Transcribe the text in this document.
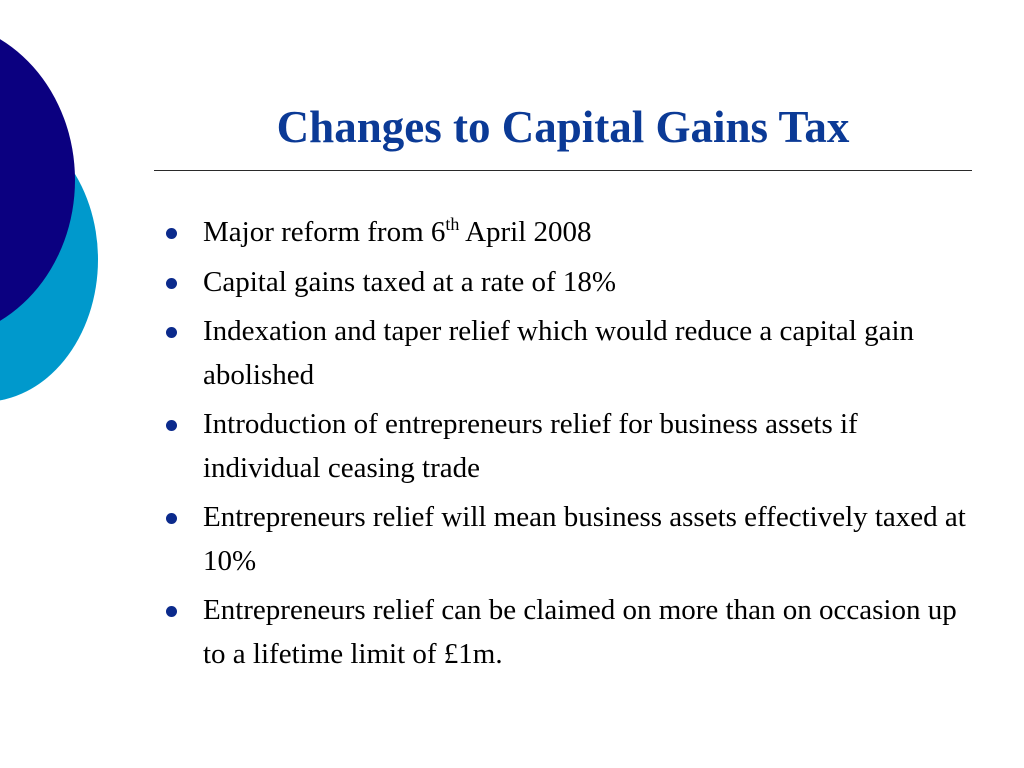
Changes to Capital Gains Tax
Major reform from 6th April 2008
Capital gains taxed at a rate of 18%
Indexation and taper relief which would reduce a capital gain abolished
Introduction of entrepreneurs relief for business assets if individual ceasing trade
Entrepreneurs relief will mean business assets effectively taxed at 10%
Entrepreneurs relief can be claimed on more than on occasion up to a lifetime limit of £1m.
